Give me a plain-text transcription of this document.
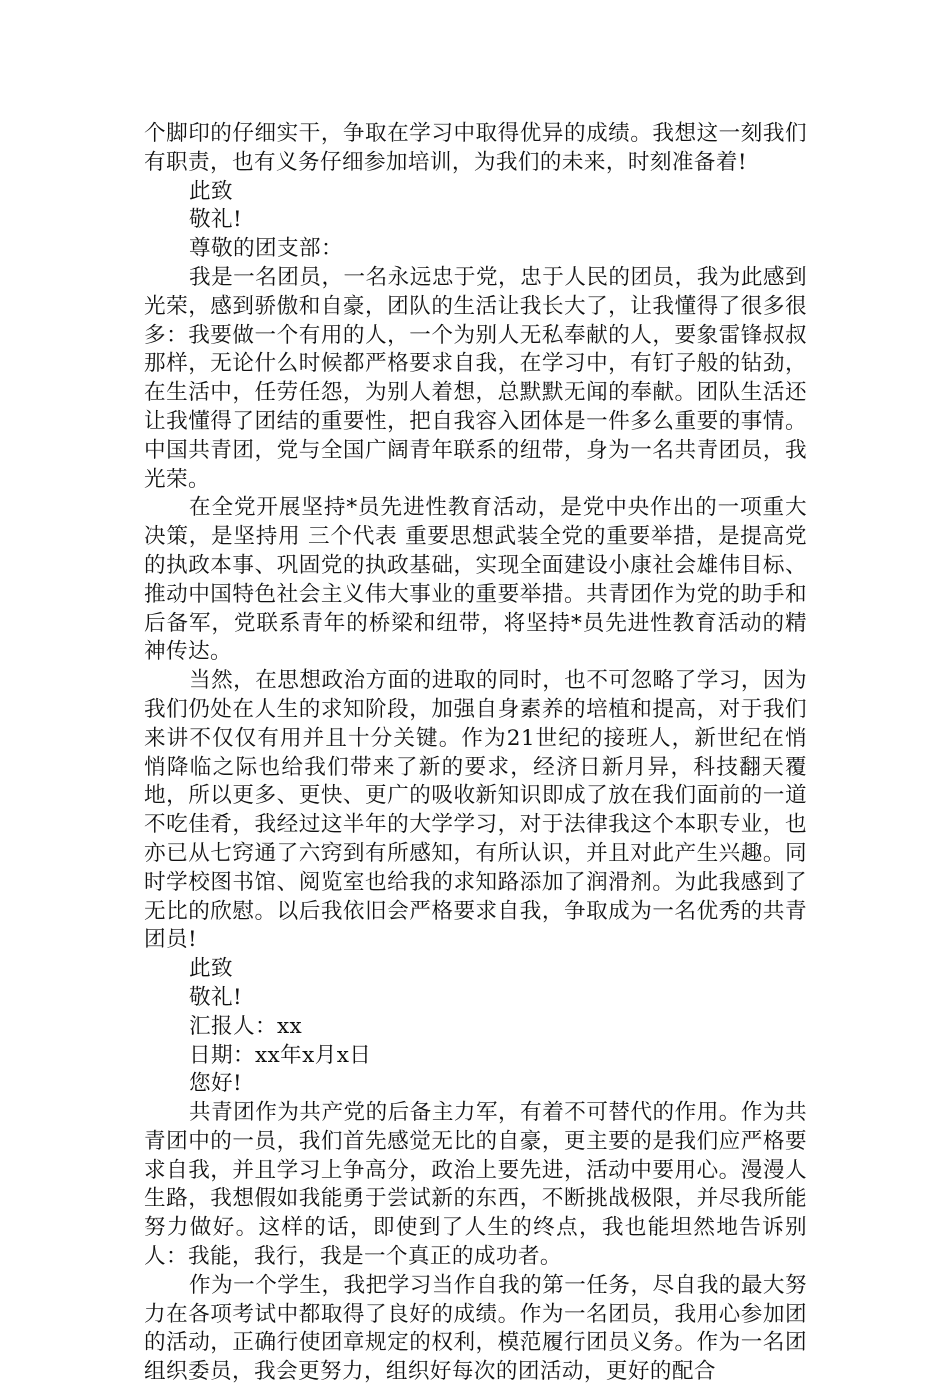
个脚印的仔细实干，争取在学习中取得优异的成绩。我想这一刻我们有职责，也有义务仔细参加培训，为我们的未来，时刻准备着!

此致

敬礼!

尊敬的团支部：

我是一名团员，一名永远忠于党，忠于人民的团员，我为此感到光荣，感到骄傲和自豪，团队的生活让我长大了，让我懂得了很多很多：我要做一个有用的人，一个为别人无私奉献的人，要象雷锋叔叔那样，无论什么时候都严格要求自我，在学习中，有钉子般的钻劲，在生活中，任劳任怨，为别人着想，总默默无闻的奉献。团队生活还让我懂得了团结的重要性，把自我容入团体是一件多么重要的事情。中国共青团，党与全国广阔青年联系的纽带，身为一名共青团员，我光荣。

在全党开展坚持*员先进性教育活动，是党中央作出的一项重大决策，是坚持用 三个代表 重要思想武装全党的重要举措，是提高党的执政本事、巩固党的执政基础，实现全面建设小康社会雄伟目标、推动中国特色社会主义伟大事业的重要举措。共青团作为党的助手和后备军，党联系青年的桥梁和纽带，将坚持*员先进性教育活动的精神传达。

当然，在思想政治方面的进取的同时，也不可忽略了学习，因为我们仍处在人生的求知阶段，加强自身素养的培植和提高，对于我们来讲不仅仅有用并且十分关键。作为21世纪的接班人，新世纪在悄悄降临之际也给我们带来了新的要求，经济日新月异，科技翻天覆地，所以更多、更快、更广的吸收新知识即成了放在我们面前的一道不吃佳肴，我经过这半年的大学学习，对于法律我这个本职专业，也亦已从七窍通了六窍到有所感知，有所认识，并且对此产生兴趣。同时学校图书馆、阅览室也给我的求知路添加了润滑剂。为此我感到了无比的欣慰。以后我依旧会严格要求自我，争取成为一名优秀的共青团员!

此致

敬礼!

汇报人：xx

日期：xx年x月x日

您好!

共青团作为共产党的后备主力军，有着不可替代的作用。作为共青团中的一员，我们首先感觉无比的自豪，更主要的是我们应严格要求自我，并且学习上争高分，政治上要先进，活动中要用心。漫漫人生路，我想假如我能勇于尝试新的东西，不断挑战极限，并尽我所能努力做好。这样的话，即使到了人生的终点，我也能坦然地告诉别人：我能，我行，我是一个真正的成功者。

作为一个学生，我把学习当作自我的第一任务，尽自我的最大努力在各项考试中都取得了良好的成绩。作为一名团员，我用心参加团的活动，正确行使团章规定的权利，模范履行团员义务。作为一名团组织委员，我会更努力，组织好每次的团活动，更好的配合
